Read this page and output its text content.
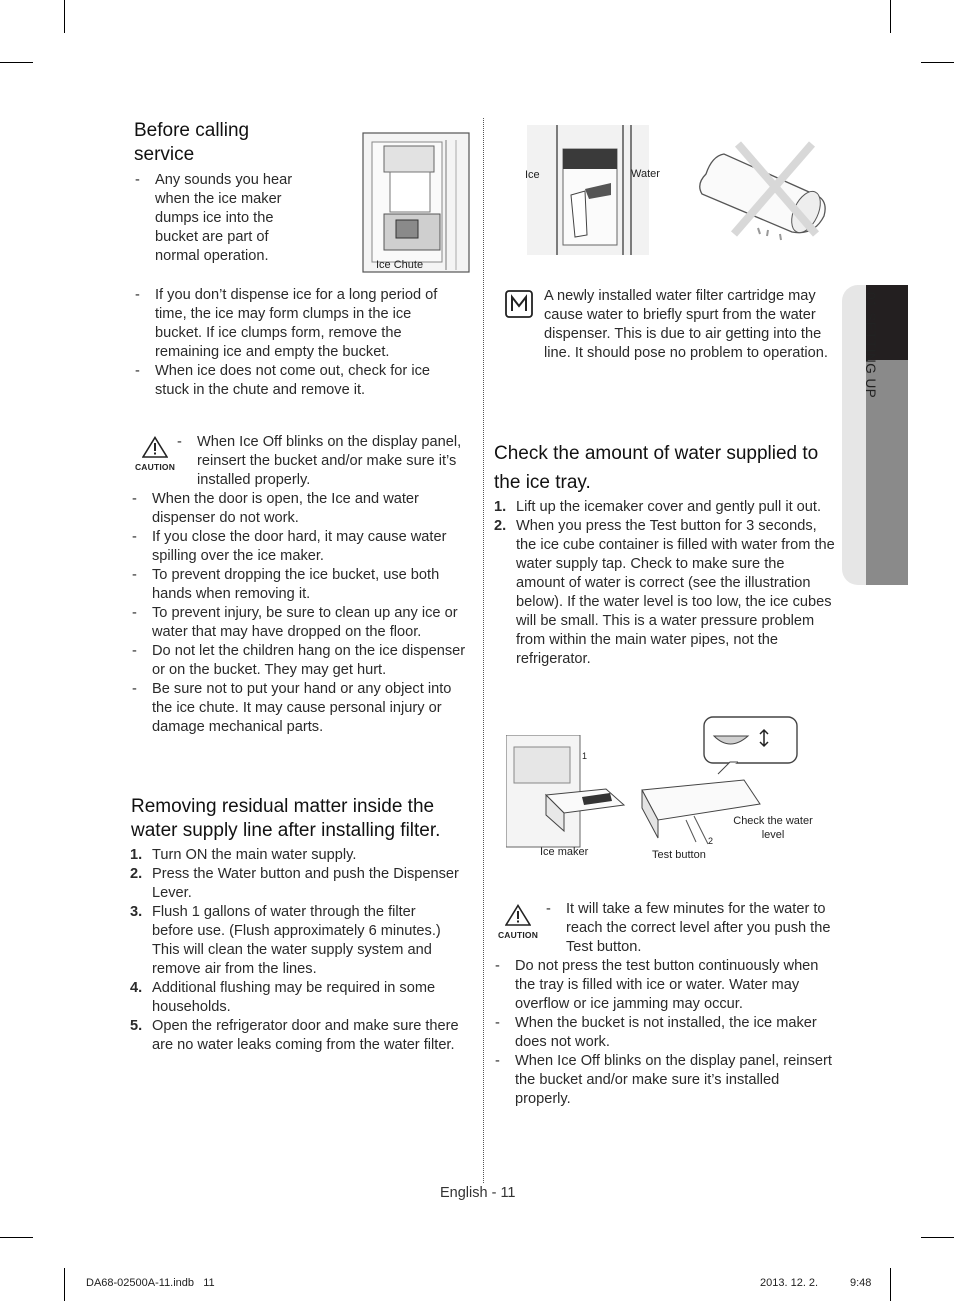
01 SETTING UP
Before calling service
- Any sounds you hear when the ice maker dumps ice into the bucket are part of normal operation.
Ice Chute
- If you don’t dispense ice for a long period of time, the ice may form clumps in the ice bucket. If ice clumps form, remove the remaining ice and empty the bucket.
- When ice does not come out, check for ice stuck in the chute and remove it.
CAUTION
- When Ice Off blinks on the display panel, reinsert the bucket and/or make sure it’s installed properly.
- When the door is open, the Ice and water dispenser do not work.
- If you close the door hard, it may cause water spilling over the ice maker.
- To prevent dropping the ice bucket, use both hands when removing it.
- To prevent injury, be sure to clean up any ice or water that may have dropped on the floor.
- Do not let the children hang on the ice dispenser or on the bucket. They may get hurt.
- Be sure not to put your hand or any object into the ice chute. It may cause personal injury or damage mechanical parts.
Removing residual matter inside the water supply line after installing filter.
1. Turn ON the main water supply.
2. Press the Water button and push the Dispenser Lever.
3. Flush 1 gallons of water through the filter before use. (Flush approximately 6 minutes.) This will clean the water supply system and remove air from the lines.
4. Additional flushing may be required in some households.
5. Open the refrigerator door and make sure there are no water leaks coming from the water filter.
Ice	Water
A newly installed water filter cartridge may cause water to briefly spurt from the water dispenser. This is due to air getting into the line. It should pose no problem to operation.
Check the amount of water supplied to the ice tray.
1. Lift up the icemaker cover and gently pull it out.
2. When you press the Test button for 3 seconds, the ice cube container is filled with water from the water supply tap. Check to make sure the amount of water is correct (see the illustration below). If the water level is too low, the ice cubes will be small. This is a water pressure problem from within the main water pipes, not the refrigerator.
1
Ice maker
Check the water level
Test button
2
CAUTION
- It will take a few minutes for the water to reach the correct level after you push the Test button.
- Do not press the test button continuously when the tray is filled with ice or water. Water may overflow or ice jamming may occur.
- When the bucket is not installed, the ice maker does not work.
- When Ice Off blinks on the display panel, reinsert the bucket and/or make sure it’s installed properly.
English - 11
DA68-02500A-11.indb   11	2013. 12. 2.	9:48
